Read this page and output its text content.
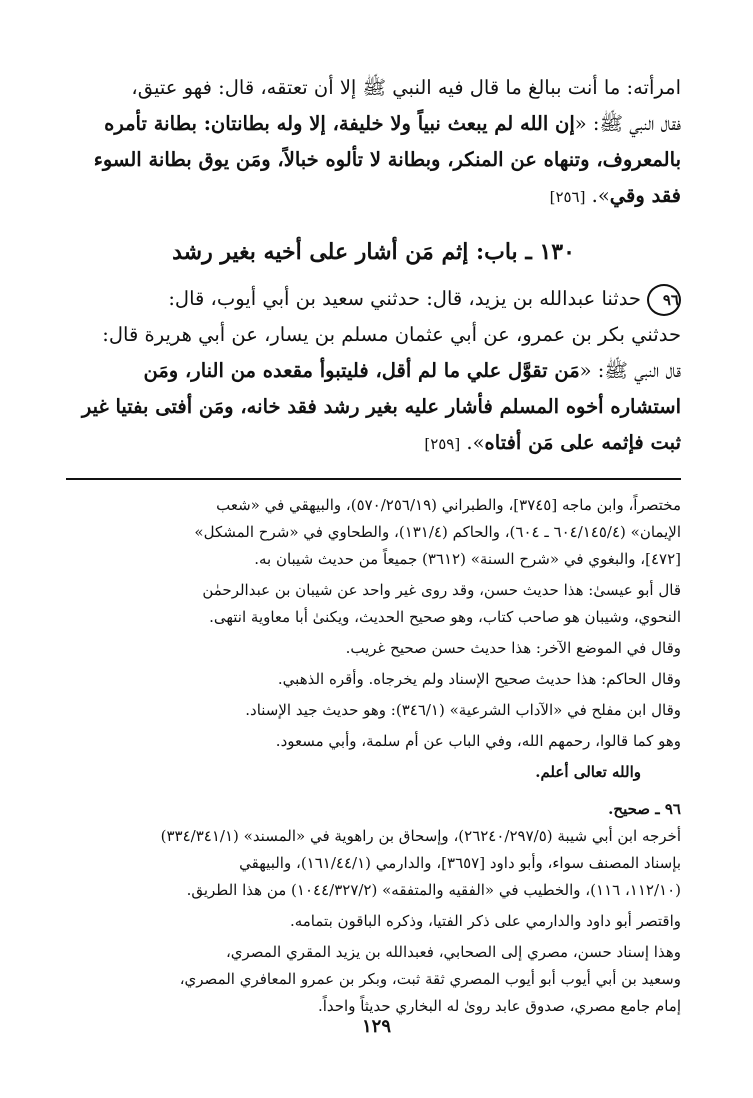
امرأته: ما أنت ببالغ ما قال فيه النبي ﷺ إلا أن تعتقه، قال: فهو عتيق،
فقال النبي ﷺ: «إن الله لم يبعث نبياً ولا خليفة، إلا وله بطانتان: بطانة تأمره
بالمعروف، وتنهاه عن المنكر، وبطانة لا تألوه خبالاً، ومَن يوق بطانة السوء
فقد وقي». [٢٥٦]

١٣٠ ـ باب: إثم مَن أشار على أخيه بغير رشد

٩٦حدثنا عبدالله بن يزيد، قال: حدثني سعيد بن أبي أيوب، قال:
حدثني بكر بن عمرو، عن أبي عثمان مسلم بن يسار، عن أبي هريرة قال:
قال النبي ﷺ: «مَن تقوَّل علي ما لم أقل، فليتبوأ مقعده من النار، ومَن
استشاره أخوه المسلم فأشار عليه بغير رشد فقد خانه، ومَن أفتى بفتيا غير
ثبت فإثمه على مَن أفتاه». [٢٥٩]

مختصراً، وابن ماجه [٣٧٤٥]، والطبراني (٥٧٠/٢٥٦/١٩)، والبيهقي في «شعب
الإيمان» (٦٠٤/١٤٥/٤ ـ ٦٠٤)، والحاكم (١٣١/٤)، والطحاوي في «شرح المشكل»
[٤٧٢]، والبغوي في «شرح السنة» (٣٦١٢) جميعاً من حديث شيبان به.

قال أبو عيسىٰ: هذا حديث حسن، وقد روى غير واحد عن شيبان بن عبدالرحمٰن
النحوي، وشيبان هو صاحب كتاب، وهو صحيح الحديث، ويكنىٰ أبا معاوية انتهى.

وقال في الموضع الآخر: هذا حديث حسن صحيح غريب.

وقال الحاكم: هذا حديث صحيح الإسناد ولم يخرجاه. وأقره الذهبي.

وقال ابن مفلح في «الآداب الشرعية» (٣٤٦/١): وهو حديث جيد الإسناد.

وهو كما قالوا، رحمهم الله، وفي الباب عن أم سلمة، وأبي مسعود.

والله تعالى أعلم.

٩٦ ـ صحيح.

أخرجه ابن أبي شيبة (٢٦٢٤٠/٢٩٧/٥)، وإسحاق بن راهوية في «المسند» (٣٣٤/٣٤١/١)
بإسناد المصنف سواء، وأبو داود [٣٦٥٧]، والدارمي (١٦١/٤٤/١)، والبيهقي
(١١٢/١٠، ١١٦)، والخطيب في «الفقيه والمتفقه» (١٠٤٤/٣٢٧/٢) من هذا الطريق.

واقتصر أبو داود والدارمي على ذكر الفتيا، وذكره الباقون بتمامه.

وهذا إسناد حسن، مصري إلى الصحابي، فعبدالله بن يزيد المقري المصري،
وسعيد بن أبي أيوب أبو أيوب المصري ثقة ثبت، وبكر بن عمرو المعافري المصري،
إمام جامع مصري، صدوق عابد روىٰ له البخاري حديثاً واحداً.

١٢٩
